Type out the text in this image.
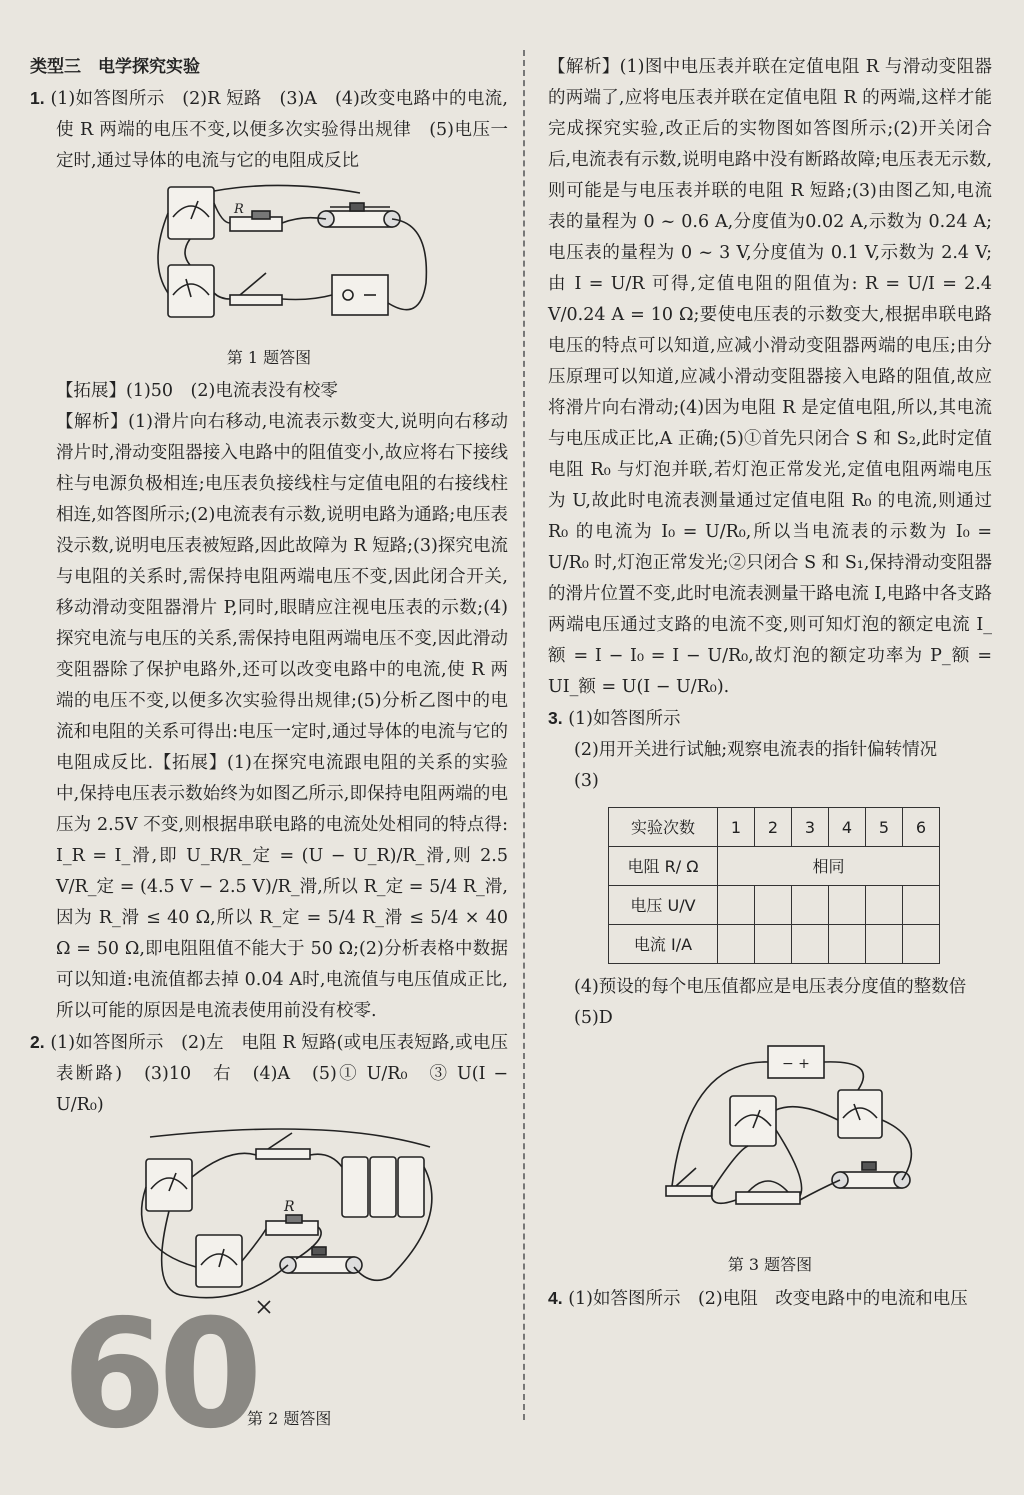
类型三　电学探究实验

1. (1)如答图所示　(2)R 短路　(3)A　(4)改变电路中的电流,使 R 两端的电压不变,以便多次实验得出规律　(5)电压一定时,通过导体的电流与它的电阻成反比

R

第 1 题答图

【拓展】(1)50　(2)电流表没有校零

【解析】(1)滑片向右移动,电流表示数变大,说明向右移动滑片时,滑动变阻器接入电路中的阻值变小,故应将右下接线柱与电源负极相连;电压表负接线柱与定值电阻的右接线柱相连,如答图所示;(2)电流表有示数,说明电路为通路;电压表没示数,说明电压表被短路,因此故障为 R 短路;(3)探究电流与电阻的关系时,需保持电阻两端电压不变,因此闭合开关,移动滑动变阻器滑片 P,同时,眼睛应注视电压表的示数;(4)探究电流与电压的关系,需保持电阻两端电压不变,因此滑动变阻器除了保护电路外,还可以改变电路中的电流,使 R 两端的电压不变,以便多次实验得出规律;(5)分析乙图中的电流和电阻的关系可得出:电压一定时,通过导体的电流与它的电阻成反比.【拓展】(1)在探究电流跟电阻的关系的实验中,保持电压表示数始终为如图乙所示,即保持电阻两端的电压为 2.5V 不变,则根据串联电路的电流处处相同的特点得: I_R = I_滑,即 U_R/R_定 = (U − U_R)/R_滑,则 2.5 V/R_定 = (4.5 V − 2.5 V)/R_滑,所以 R_定 = 5/4 R_滑,因为 R_滑 ≤ 40 Ω,所以 R_定 = 5/4 R_滑 ≤ 5/4 × 40 Ω = 50 Ω,即电阻阻值不能大于 50 Ω;(2)分析表格中数据可以知道:电流值都去掉 0.04 A时,电流值与电压值成正比,所以可能的原因是电流表使用前没有校零.

2. (1)如答图所示　(2)左　电阻 R 短路(或电压表短路,或电压表断路)　(3)10　右　(4)A　(5)① U/R₀　③ U(I − U/R₀)

R
60
第 2 题答图

【解析】(1)图中电压表并联在定值电阻 R 与滑动变阻器的两端了,应将电压表并联在定值电阻 R 的两端,这样才能完成探究实验,改正后的实物图如答图所示;(2)开关闭合后,电流表有示数,说明电路中没有断路故障;电压表无示数,则可能是与电压表并联的电阻 R 短路;(3)由图乙知,电流表的量程为 0 ~ 0.6 A,分度值为0.02 A,示数为 0.24 A;电压表的量程为 0 ~ 3 V,分度值为 0.1 V,示数为 2.4 V;由 I = U/R 可得,定值电阻的阻值为: R = U/I = 2.4 V/0.24 A = 10 Ω;要使电压表的示数变大,根据串联电路电压的特点可以知道,应减小滑动变阻器两端的电压;由分压原理可以知道,应减小滑动变阻器接入电路的阻值,故应将滑片向右滑动;(4)因为电阻 R 是定值电阻,所以,其电流与电压成正比,A 正确;(5)①首先只闭合 S 和 S₂,此时定值电阻 R₀ 与灯泡并联,若灯泡正常发光,定值电阻两端电压为 U,故此时电流表测量通过定值电阻 R₀ 的电流,则通过 R₀ 的电流为 I₀ = U/R₀,所以当电流表的示数为 I₀ = U/R₀ 时,灯泡正常发光;②只闭合 S 和 S₁,保持滑动变阻器的滑片位置不变,此时电流表测量干路电流 I,电路中各支路两端电压通过支路的电流不变,则可知灯泡的额定电流 I_额 = I − I₀ = I − U/R₀,故灯泡的额定功率为 P_额 = UI_额 = U(I − U/R₀).

3. (1)如答图所示

(2)用开关进行试触;观察电流表的指针偏转情况

(3)

实验次数	1	2	3	4	5	6
电阻 R/ Ω	相同					
电压 U/V						
电流 I/A						

(4)预设的每个电压值都应是电压表分度值的整数倍

(5)D

− +

第 3 题答图

4. (1)如答图所示　(2)电阻　改变电路中的电流和电压
